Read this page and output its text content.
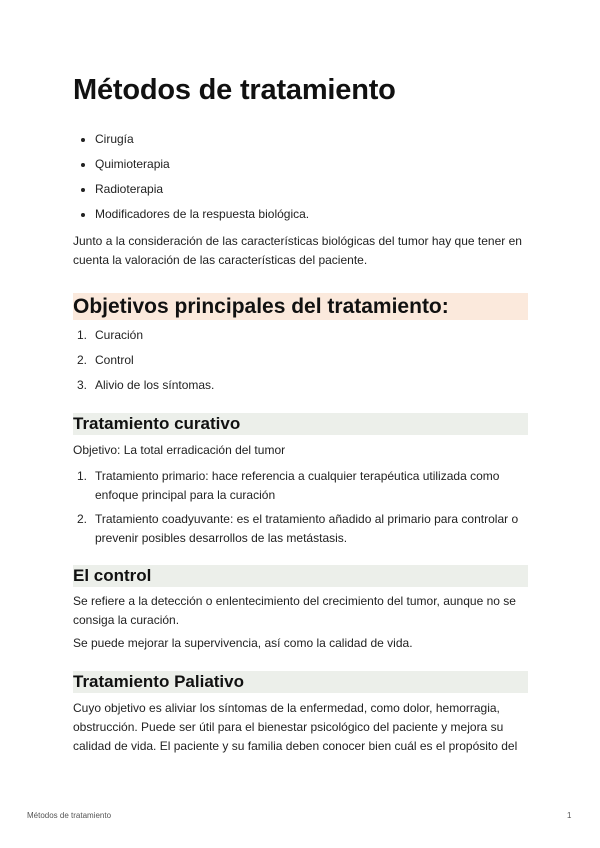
Métodos de tratamiento
Cirugía
Quimioterapia
Radioterapia
Modificadores de la respuesta biológica.

Junto a la consideración de las características biológicas del tumor hay que tener en cuenta la valoración de las características del paciente.

Objetivos principales del tratamiento:
1. Curación
2. Control
3. Alivio de los síntomas.
Tratamiento curativo

Objetivo: La total erradicación del tumor

1. Tratamiento primario: hace referencia a cualquier terapéutica utilizada como enfoque principal para la curación
2. Tratamiento coadyuvante: es el tratamiento añadido al primario para controlar o prevenir posibles desarrollos de las metástasis.
El control

Se refiere a la detección o enlentecimiento del crecimiento del tumor, aunque no se consiga la curación.

Se puede mejorar la supervivencia, así como la calidad de vida.

Tratamiento Paliativo

Cuyo objetivo es aliviar los síntomas de la enfermedad, como dolor, hemorragia, obstrucción. Puede ser útil para el bienestar psicológico del paciente y mejora su calidad de vida. El paciente y su familia deben conocer bien cuál es el propósito del

Métodos de tratamiento	1
